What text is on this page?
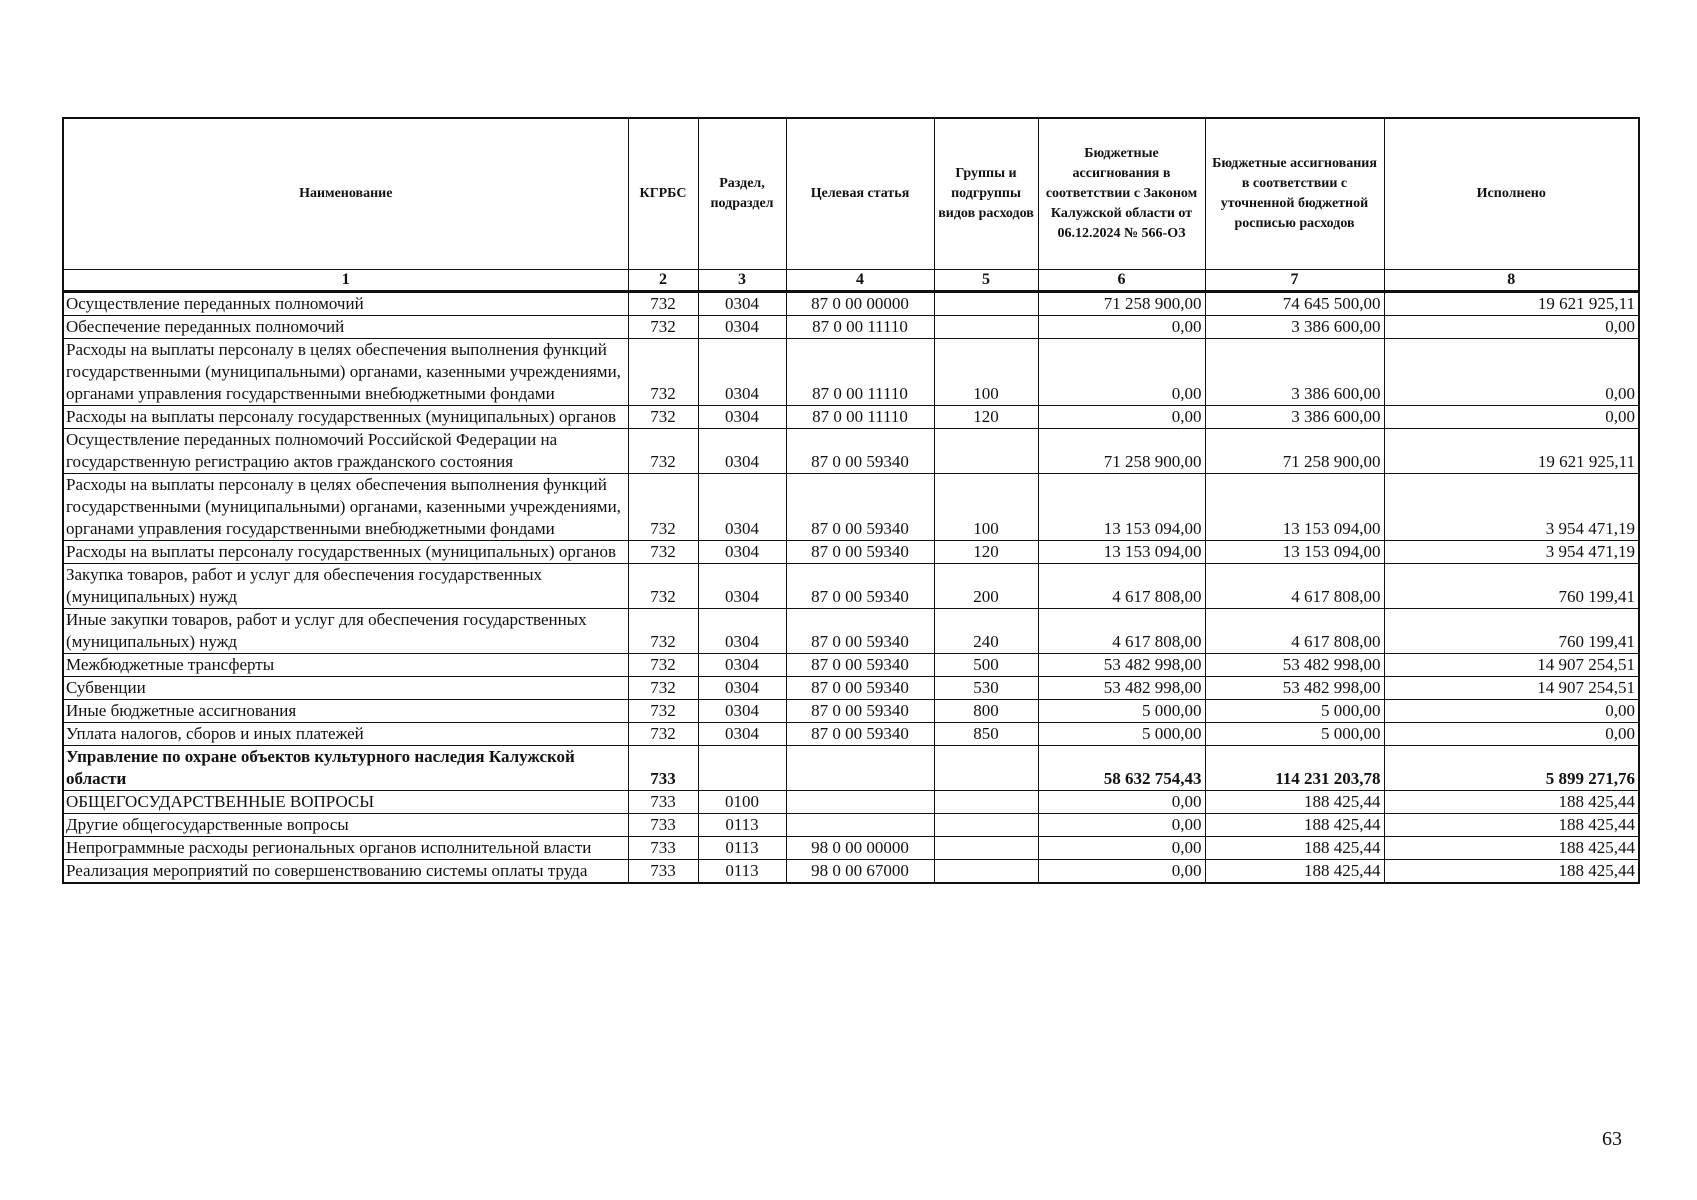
Наименование	КГРБС	Раздел, подраздел	Целевая статья	Группы и подгруппы видов расходов	Бюджетные ассигнования в соответствии с Законом Калужской области от 06.12.2024 № 566-ОЗ	Бюджетные ассигнования в соответствии с уточненной бюджетной росписью расходов	Исполнено
1	2	3	4	5	6	7	8
Осуществление переданных полномочий	732	0304	87 0 00 00000		71 258 900,00	74 645 500,00	19 621 925,11
Обеспечение переданных полномочий	732	0304	87 0 00 11110		0,00	3 386 600,00	0,00
Расходы на выплаты персоналу в целях обеспечения выполнения функций государственными (муниципальными) органами, казенными учреждениями, органами управления государственными внебюджетными фондами	732	0304	87 0 00 11110	100	0,00	3 386 600,00	0,00
Расходы на выплаты персоналу государственных (муниципальных) органов	732	0304	87 0 00 11110	120	0,00	3 386 600,00	0,00
Осуществление переданных полномочий Российской Федерации на государственную регистрацию актов гражданского состояния	732	0304	87 0 00 59340		71 258 900,00	71 258 900,00	19 621 925,11
Расходы на выплаты персоналу в целях обеспечения выполнения функций государственными (муниципальными) органами, казенными учреждениями, органами управления государственными внебюджетными фондами	732	0304	87 0 00 59340	100	13 153 094,00	13 153 094,00	3 954 471,19
Расходы на выплаты персоналу государственных (муниципальных) органов	732	0304	87 0 00 59340	120	13 153 094,00	13 153 094,00	3 954 471,19
Закупка товаров, работ и услуг для обеспечения государственных (муниципальных) нужд	732	0304	87 0 00 59340	200	4 617 808,00	4 617 808,00	760 199,41
Иные закупки товаров, работ и услуг для обеспечения государственных (муниципальных) нужд	732	0304	87 0 00 59340	240	4 617 808,00	4 617 808,00	760 199,41
Межбюджетные трансферты	732	0304	87 0 00 59340	500	53 482 998,00	53 482 998,00	14 907 254,51
Субвенции	732	0304	87 0 00 59340	530	53 482 998,00	53 482 998,00	14 907 254,51
Иные бюджетные ассигнования	732	0304	87 0 00 59340	800	5 000,00	5 000,00	0,00
Уплата налогов, сборов и иных платежей	732	0304	87 0 00 59340	850	5 000,00	5 000,00	0,00
Управление по охране объектов культурного наследия Калужской области	733				58 632 754,43	114 231 203,78	5 899 271,76
ОБЩЕГОСУДАРСТВЕННЫЕ ВОПРОСЫ	733	0100			0,00	188 425,44	188 425,44
Другие общегосударственные вопросы	733	0113			0,00	188 425,44	188 425,44
Непрограммные расходы региональных органов исполнительной власти	733	0113	98 0 00 00000		0,00	188 425,44	188 425,44
Реализация мероприятий по совершенствованию системы оплаты труда	733	0113	98 0 00 67000		0,00	188 425,44	188 425,44
63
